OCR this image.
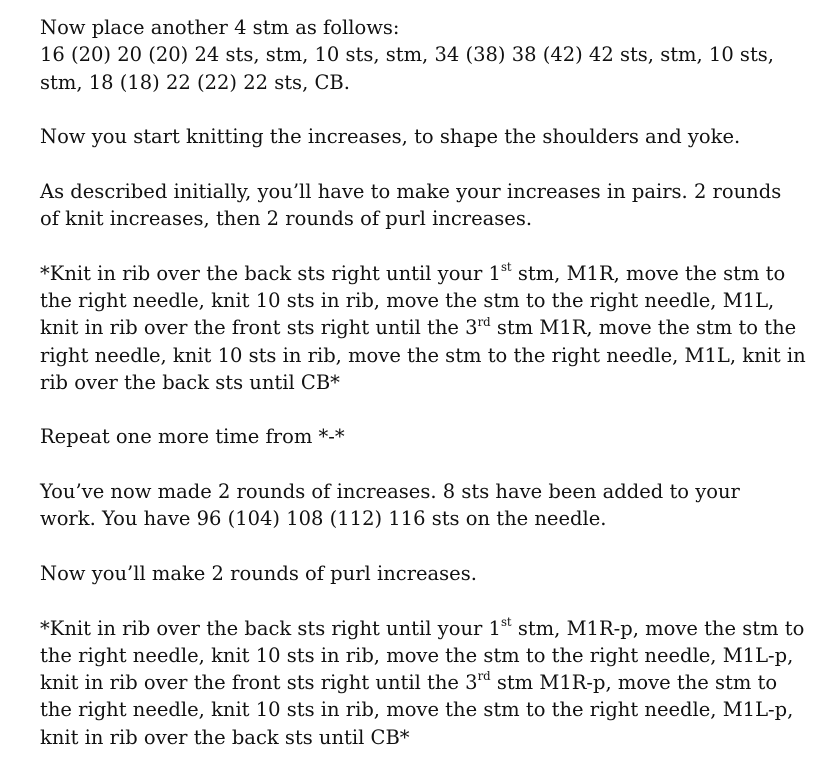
Now place another 4 stm as follows:
16 (20) 20 (20) 24 sts, stm, 10 sts, stm, 34 (38) 38 (42) 42 sts, stm, 10 sts,
stm, 18 (18) 22 (22) 22 sts, CB.

Now you start knitting the increases, to shape the shoulders and yoke.

As described initially, you’ll have to make your increases in pairs. 2 rounds
of knit increases, then 2 rounds of purl increases.

*Knit in rib over the back sts right until your 1st stm, M1R, move the stm to the right needle, knit 10 sts in rib, move the stm to the right needle, M1L, knit in rib over the front sts right until the 3rd stm M1R, move the stm to the right needle, knit 10 sts in rib, move the stm to the right needle, M1L, knit in rib over the back sts until CB*

Repeat one more time from *-*

You’ve now made 2 rounds of increases. 8 sts have been added to your
work. You have 96 (104) 108 (112) 116 sts on the needle.

Now you’ll make 2 rounds of purl increases.

*Knit in rib over the back sts right until your 1st stm, M1R-p, move the stm to the right needle, knit 10 sts in rib, move the stm to the right needle, M1L-p, knit in rib over the front sts right until the 3rd stm M1R-p, move the stm to the right needle, knit 10 sts in rib, move the stm to the right needle, M1L-p, knit in rib over the back sts until CB*
